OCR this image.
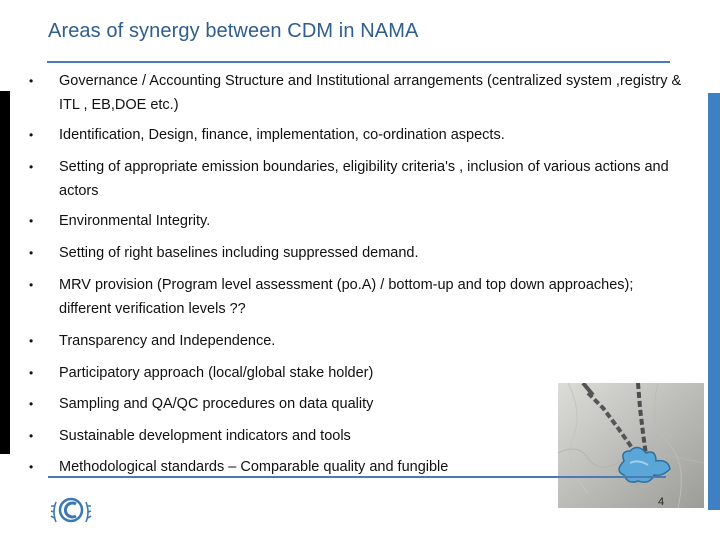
Areas of synergy between CDM in NAMA
•	Governance / Accounting Structure and Institutional arrangements (centralized system ,registry & ITL , EB,DOE etc.)
•	Identification, Design, finance, implementation, co-ordination aspects.
•	Setting of appropriate emission boundaries, eligibility criteria's , inclusion of various actions and actors
•	Environmental Integrity.
•	Setting of right baselines including suppressed demand.
•	MRV provision (Program level assessment (po.A) / bottom-up and top down approaches); different verification levels ??
•	Transparency and Independence.
•	Participatory approach (local/global stake holder)
•	Sampling and QA/QC procedures on data quality
•	Sustainable development indicators and tools
•	Methodological standards – Comparable quality and fungible
4
